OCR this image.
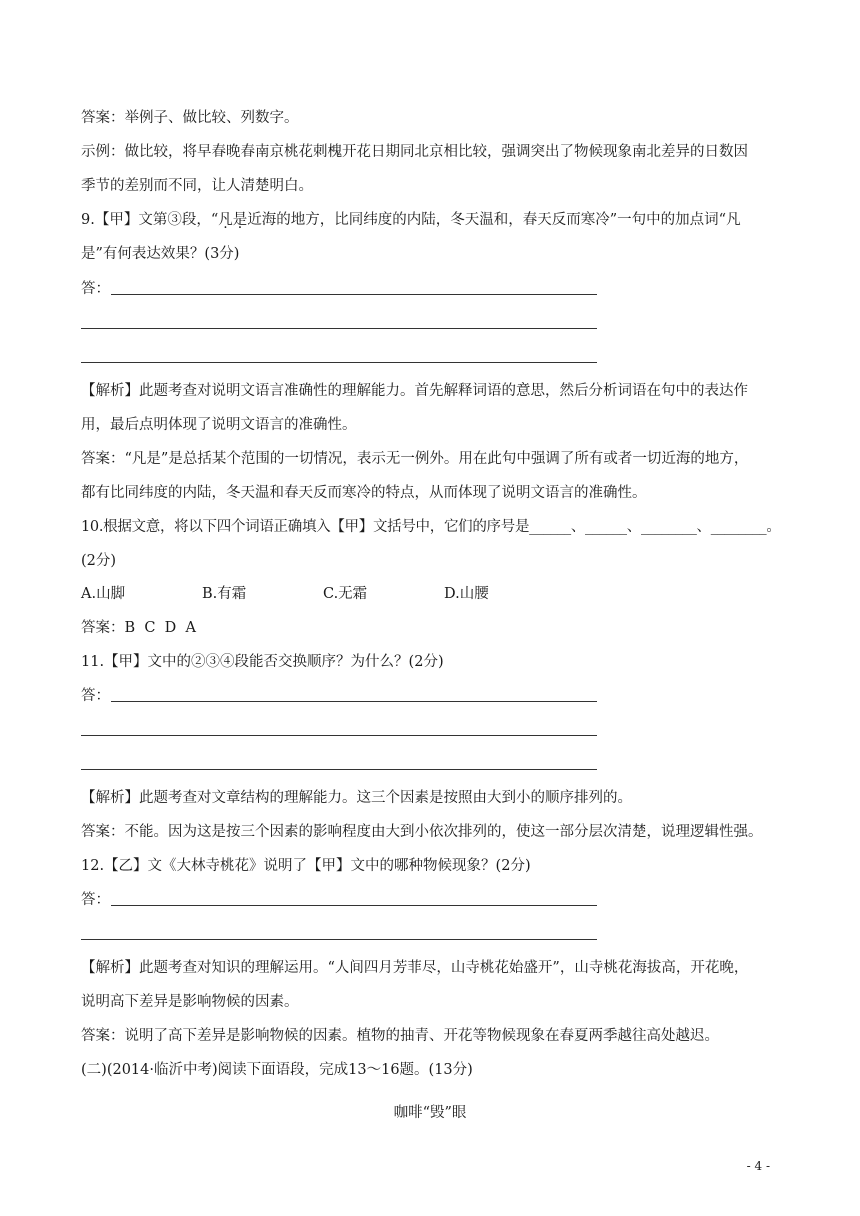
答案：举例子、做比较、列数字。
示例：做比较，将早春晚春南京桃花刺槐开花日期同北京相比较，强调突出了物候现象南北差异的日数因
季节的差别而不同，让人清楚明白。
9.【甲】文第③段，“凡是近海的地方，比同纬度的内陆，冬天温和，春天反而寒冷”一句中的加点词“凡
是”有何表达效果？(3分)
答：
【解析】此题考查对说明文语言准确性的理解能力。首先解释词语的意思，然后分析词语在句中的表达作
用，最后点明体现了说明文语言的准确性。
答案：“凡是”是总括某个范围的一切情况，表示无一例外。用在此句中强调了所有或者一切近海的地方，
都有比同纬度的内陆，冬天温和春天反而寒冷的特点，从而体现了说明文语言的准确性。
10.根据文意，将以下四个词语正确填入【甲】文括号中，它们的序号是______、______、________、________。
(2分)
A.山脚	B.有霜	C.无霜	D.山腰
答案：B  C  D  A
11.【甲】文中的②③④段能否交换顺序？为什么？(2分)
答：
【解析】此题考查对文章结构的理解能力。这三个因素是按照由大到小的顺序排列的。
答案：不能。因为这是按三个因素的影响程度由大到小依次排列的，使这一部分层次清楚，说理逻辑性强。
12.【乙】文《大林寺桃花》说明了【甲】文中的哪种物候现象？(2分)
答：
【解析】此题考查对知识的理解运用。“人间四月芳菲尽，山寺桃花始盛开”，山寺桃花海拔高，开花晚，
说明高下差异是影响物候的因素。
答案：说明了高下差异是影响物候的因素。植物的抽青、开花等物候现象在春夏两季越往高处越迟。
(二)(2014·临沂中考)阅读下面语段，完成13～16题。(13分)
咖啡“毁”眼
- 4 -
